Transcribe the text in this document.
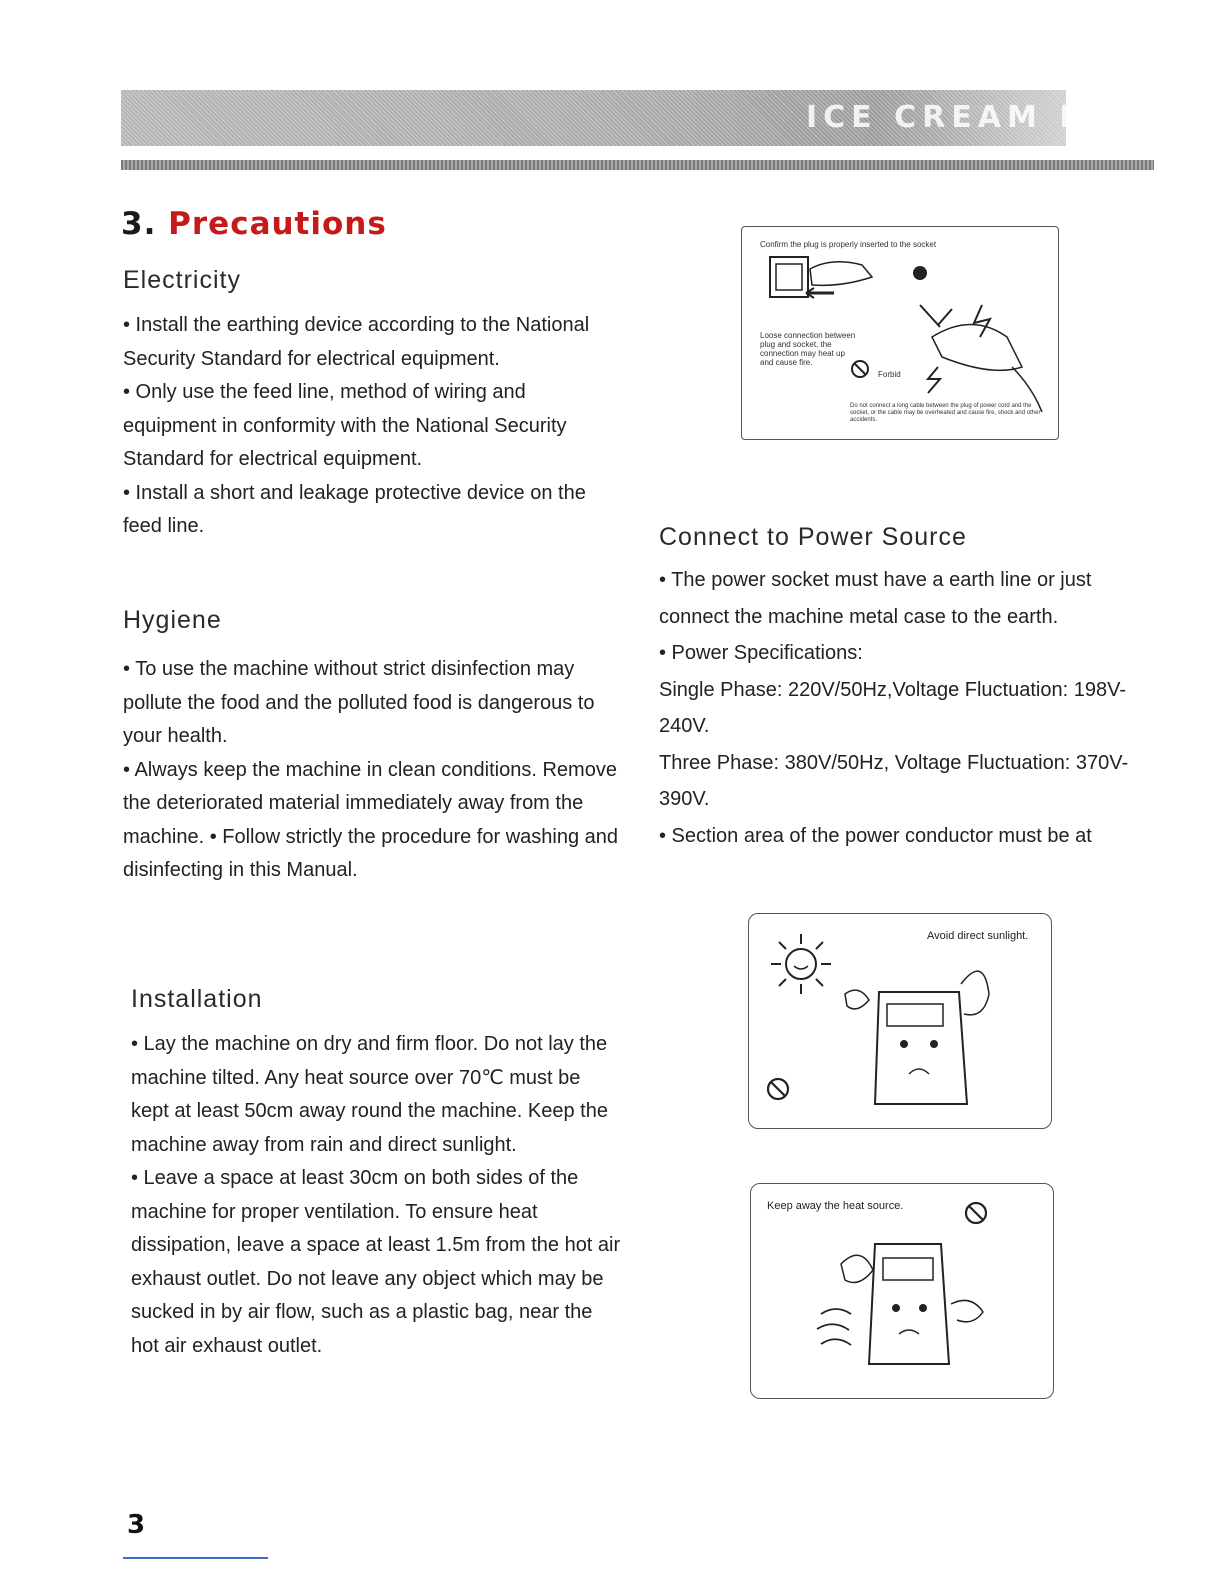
ICE CREAM MA
3. Precautions
Electricity
• Install the earthing device according to the National Security Standard for electrical equipment.
• Only use the feed line, method of wiring and equipment in conformity with the National Security Standard for electrical equipment.
• Install a short and leakage protective device on the feed line.
Hygiene
• To use the machine without strict disinfection may pollute the food and the polluted food is dangerous to your health.
• Always keep the machine in clean conditions. Remove the deteriorated material immediately away from the machine. • Follow strictly the procedure for washing and disinfecting in this Manual.
Installation
• Lay the machine on dry and firm floor. Do not lay the machine tilted. Any heat source over 70℃ must be kept at least 50cm away round the machine. Keep the machine away from rain and direct sunlight.
• Leave a space at least 30cm on both sides of the machine for proper ventilation. To ensure heat dissipation, leave a space at least 1.5m from the hot air exhaust outlet. Do not leave any object which may be sucked in by air flow, such as a plastic bag, near the hot air exhaust outlet.
Confirm the plug is properly inserted to the socket
Loose connection between plug and socket, the connection may heat up and cause fire.
Forbid
Do not connect a long cable between the plug of power cord and the socket, or the cable may be overheated and cause fire, shock and other accidents.
Connect to Power Source
• The power socket must have a earth line or just connect the machine metal case to the earth.
• Power Specifications:
Single Phase: 220V/50Hz,Voltage Fluctuation: 198V-240V.
Three Phase: 380V/50Hz, Voltage Fluctuation: 370V-390V.
• Section area of the power conductor must be at
Avoid direct sunlight.
Keep away the heat source.
3
